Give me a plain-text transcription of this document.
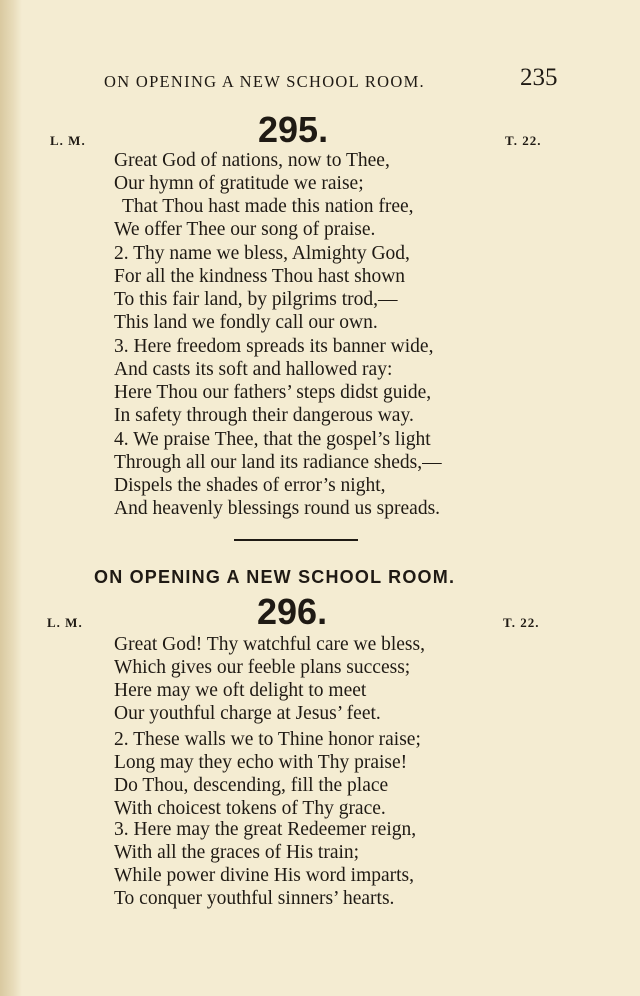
ON OPENING A NEW SCHOOL ROOM.	235
L. M.	295.	T. 22.
Great God of nations, now to Thee,
Our hymn of gratitude we raise;
That Thou hast made this nation free,
We offer Thee our song of praise.
2. Thy name we bless, Almighty God,
For all the kindness Thou hast shown
To this fair land, by pilgrims trod,—
This land we fondly call our own.
3. Here freedom spreads its banner wide,
And casts its soft and hallowed ray:
Here Thou our fathers’ steps didst guide,
In safety through their dangerous way.
4. We praise Thee, that the gospel’s light
Through all our land its radiance sheds,—
Dispels the shades of error’s night,
And heavenly blessings round us spreads.
ON OPENING A NEW SCHOOL ROOM.
L. M.	296.	T. 22.
Great God! Thy watchful care we bless,
Which gives our feeble plans success;
Here may we oft delight to meet
Our youthful charge at Jesus’ feet.
2. These walls we to Thine honor raise;
Long may they echo with Thy praise!
Do Thou, descending, fill the place
With choicest tokens of Thy grace.
3. Here may the great Redeemer reign,
With all the graces of His train;
While power divine His word imparts,
To conquer youthful sinners’ hearts.
